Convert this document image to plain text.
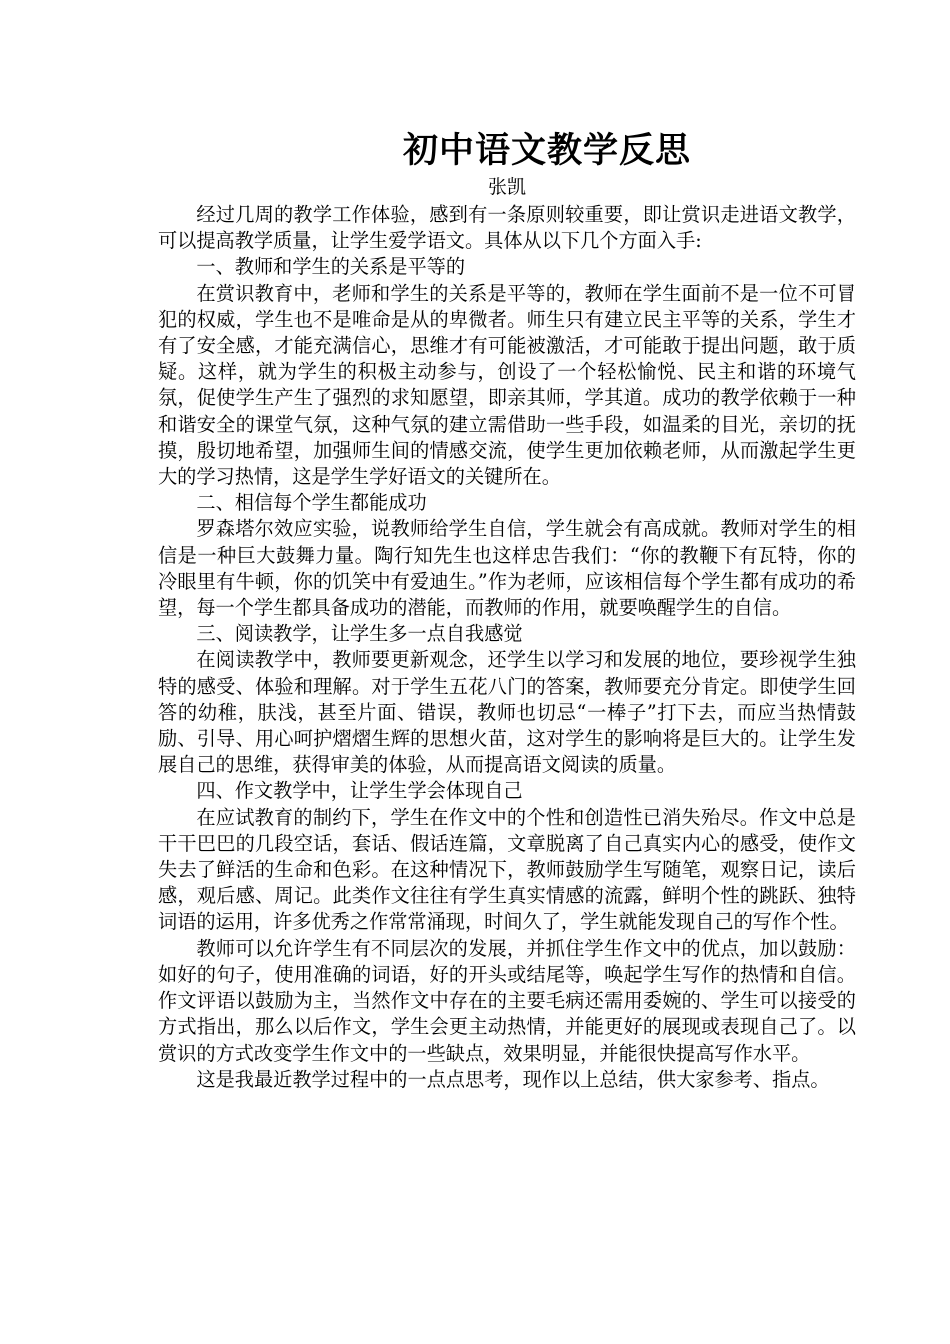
初中语文教学反思
张凯

经过几周的教学工作体验，感到有一条原则较重要，即让赏识走进语文教学，可以提高教学质量，让学生爱学语文。具体从以下几个方面入手:

一、教师和学生的关系是平等的

在赏识教育中，老师和学生的关系是平等的，教师在学生面前不是一位不可冒犯的权威，学生也不是唯命是从的卑微者。师生只有建立民主平等的关系，学生才有了安全感，才能充满信心，思维才有可能被激活，才可能敢于提出问题，敢于质疑。这样，就为学生的积极主动参与，创设了一个轻松愉悦、民主和谐的环境气氛，促使学生产生了强烈的求知愿望，即亲其师，学其道。成功的教学依赖于一种和谐安全的课堂气氛，这种气氛的建立需借助一些手段，如温柔的目光，亲切的抚摸，殷切地希望，加强师生间的情感交流，使学生更加依赖老师，从而激起学生更大的学习热情，这是学生学好语文的关键所在。

二、相信每个学生都能成功

罗森塔尔效应实验，说教师给学生自信，学生就会有高成就。教师对学生的相信是一种巨大鼓舞力量。陶行知先生也这样忠告我们：“你的教鞭下有瓦特，你的冷眼里有牛顿，你的饥笑中有爱迪生。”作为老师，应该相信每个学生都有成功的希望，每一个学生都具备成功的潜能，而教师的作用，就要唤醒学生的自信。

三、阅读教学，让学生多一点自我感觉

在阅读教学中，教师要更新观念，还学生以学习和发展的地位，要珍视学生独特的感受、体验和理解。对于学生五花八门的答案，教师要充分肯定。即使学生回答的幼稚，肤浅，甚至片面、错误，教师也切忌“一棒子”打下去，而应当热情鼓励、引导、用心呵护熠熠生辉的思想火苗，这对学生的影响将是巨大的。让学生发展自己的思维，获得审美的体验，从而提高语文阅读的质量。

四、作文教学中，让学生学会体现自己

在应试教育的制约下，学生在作文中的个性和创造性已消失殆尽。作文中总是干干巴巴的几段空话，套话、假话连篇，文章脱离了自己真实内心的感受，使作文失去了鲜活的生命和色彩。在这种情况下，教师鼓励学生写随笔，观察日记，读后感，观后感、周记。此类作文往往有学生真实情感的流露，鲜明个性的跳跃、独特词语的运用，许多优秀之作常常涌现，时间久了，学生就能发现自己的写作个性。

教师可以允许学生有不同层次的发展，并抓住学生作文中的优点，加以鼓励：如好的句子，使用准确的词语，好的开头或结尾等，唤起学生写作的热情和自信。作文评语以鼓励为主，当然作文中存在的主要毛病还需用委婉的、学生可以接受的方式指出，那么以后作文，学生会更主动热情，并能更好的展现或表现自己了。以赏识的方式改变学生作文中的一些缺点，效果明显，并能很快提高写作水平。

这是我最近教学过程中的一点点思考，现作以上总结，供大家参考、指点。
